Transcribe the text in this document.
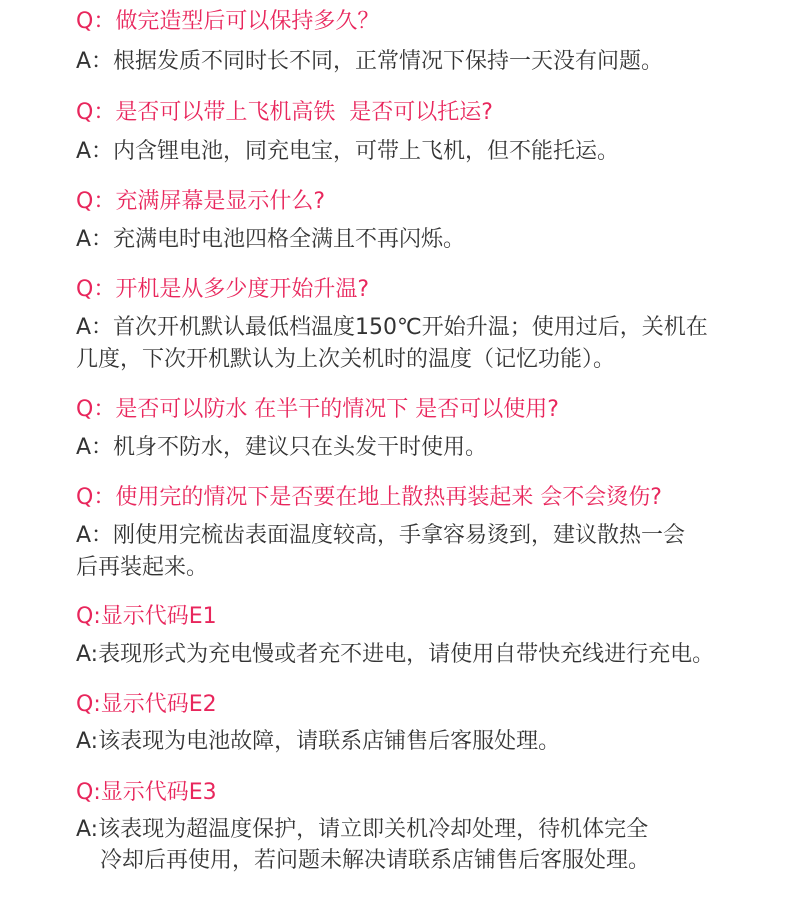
Q：做完造型后可以保持多久？
A：根据发质不同时长不同，正常情况下保持一天没有问题。
Q：是否可以带上飞机高铁  是否可以托运?
A：内含锂电池，同充电宝，可带上飞机，但不能托运。
Q：充满屏幕是显示什么?
A：充满电时电池四格全满且不再闪烁。
Q：开机是从多少度开始升温?
A：首次开机默认最低档温度150℃开始升温；使用过后，关机在
几度，下次开机默认为上次关机时的温度（记忆功能）。
Q：是否可以防水 在半干的情况下 是否可以使用?
A：机身不防水，建议只在头发干时使用。
Q：使用完的情况下是否要在地上散热再装起来 会不会烫伤?
A：刚使用完梳齿表面温度较高，手拿容易烫到，建议散热一会
后再装起来。
Q:显示代码E1
A:表现形式为充电慢或者充不进电，请使用自带快充线进行充电。
Q:显示代码E2
A:该表现为电池故障，请联系店铺售后客服处理。
Q:显示代码E3
A:该表现为超温度保护，请立即关机冷却处理，待机体完全
冷却后再使用，若问题未解决请联系店铺售后客服处理。
